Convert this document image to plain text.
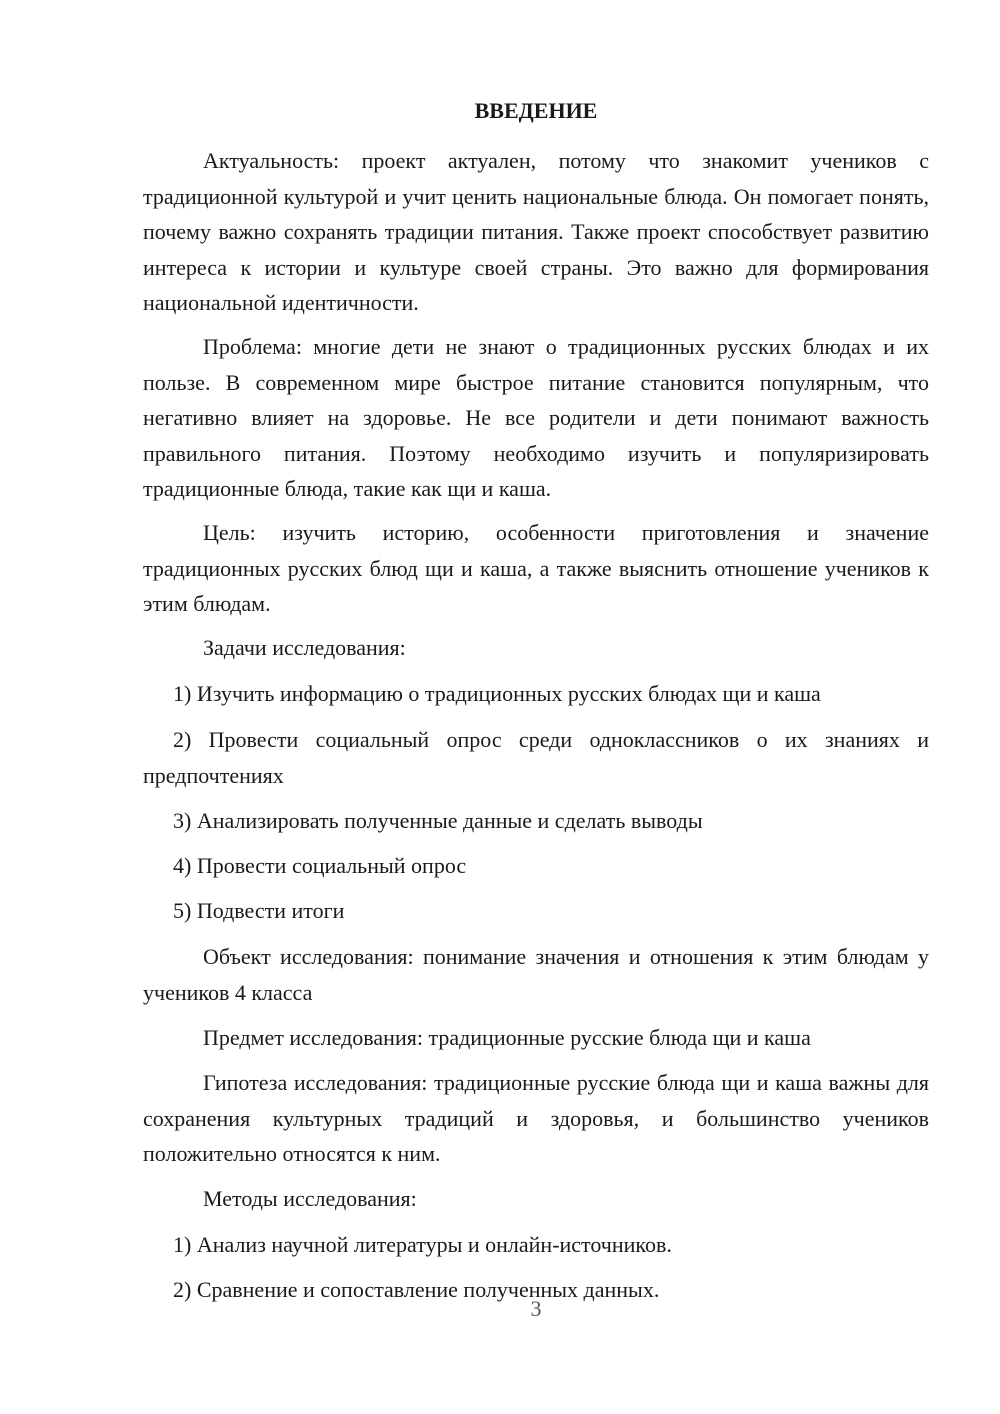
ВВЕДЕНИЕ

Актуальность: проект актуален, потому что знакомит учеников с традиционной культурой и учит ценить национальные блюда. Он помогает понять, почему важно сохранять традиции питания. Также проект способствует развитию интереса к истории и культуре своей страны. Это важно для формирования национальной идентичности.

Проблема: многие дети не знают о традиционных русских блюдах и их пользе. В современном мире быстрое питание становится популярным, что негативно влияет на здоровье. Не все родители и дети понимают важность правильного питания. Поэтому необходимо изучить и популяризировать традиционные блюда, такие как щи и каша.

Цель: изучить историю, особенности приготовления и значение традиционных русских блюд щи и каша, а также выяснить отношение учеников к этим блюдам.

Задачи исследования:

1) Изучить информацию о традиционных русских блюдах щи и каша

2) Провести социальный опрос среди одноклассников о их знаниях и предпочтениях

3) Анализировать полученные данные и сделать выводы

4) Провести социальный опрос

5) Подвести итоги

Объект исследования: понимание значения и отношения к этим блюдам у учеников 4 класса

Предмет исследования: традиционные русские блюда щи и каша

Гипотеза исследования: традиционные русские блюда щи и каша важны для сохранения культурных традиций и здоровья, и большинство учеников положительно относятся к ним.

Методы исследования:

1) Анализ научной литературы и онлайн-источников.

2) Сравнение и сопоставление полученных данных.

3
